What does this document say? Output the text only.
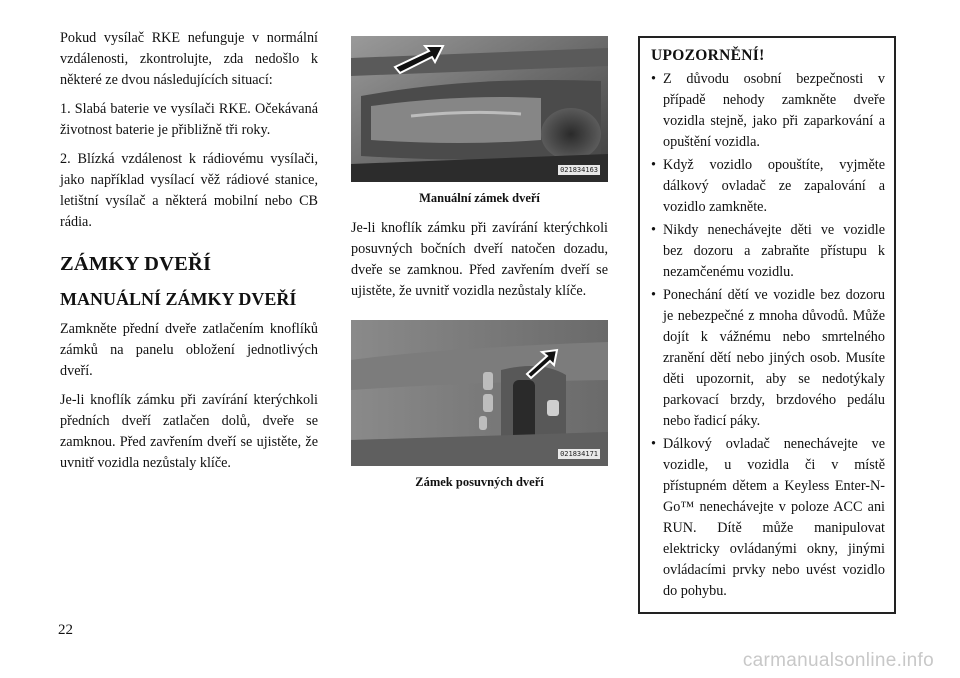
Pokud vysílač RKE nefunguje v normální vzdálenosti, zkontrolujte, zda nedošlo k některé ze dvou následujících situací:

1. Slabá baterie ve vysílači RKE. Očekávaná životnost baterie je přibližně tři roky.
2. Blízká vzdálenost k rádiovému vysílači, jako například vysílací věž rádiové stanice, letištní vysílač a některá mobilní nebo CB rádia.
ZÁMKY DVEŘÍ
MANUÁLNÍ ZÁMKY DVEŘÍ

Zamkněte přední dveře zatlačením knoflíků zámků na panelu obložení jednotlivých dveří.

Je-li knoflík zámku při zavírání kterýchkoli předních dveří zatlačen dolů, dveře se zamknou. Před zavřením dveří se ujistěte, že uvnitř vozidla nezůstaly klíče.

021834163
Manuální zámek dveří

Je-li knoflík zámku při zavírání kterýchkoli posuvných bočních dveří natočen dozadu, dveře se zamknou. Před zavřením dveří se ujistěte, že uvnitř vozidla nezůstaly klíče.

021834171
Zámek posuvných dveří
UPOZORNĚNÍ!
• Z důvodu osobní bezpečnosti v případě nehody zamkněte dveře vozidla stejně, jako při zaparkování a opuštění vozidla.
• Když vozidlo opouštíte, vyjměte dálkový ovladač ze zapalování a vozidlo zamkněte.
• Nikdy nenechávejte děti ve vozidle bez dozoru a zabraňte přístupu k nezamčenému vozidlu.
• Ponechání dětí ve vozidle bez dozoru je nebezpečné z mnoha důvodů. Může dojít k vážnému nebo smrtelného zranění dětí nebo jiných osob. Musíte děti upozornit, aby se nedotýkaly parkovací brzdy, brzdového pedálu nebo řadicí páky.
• Dálkový ovladač nenechávejte ve vozidle, u vozidla či v místě přístupném dětem a Keyless Enter-N-Go™ nenechávejte v poloze ACC ani RUN. Dítě může manipulovat elektricky ovládanými okny, jinými ovládacími prvky nebo uvést vozidlo do pohybu.
22
carmanualsonline.info
